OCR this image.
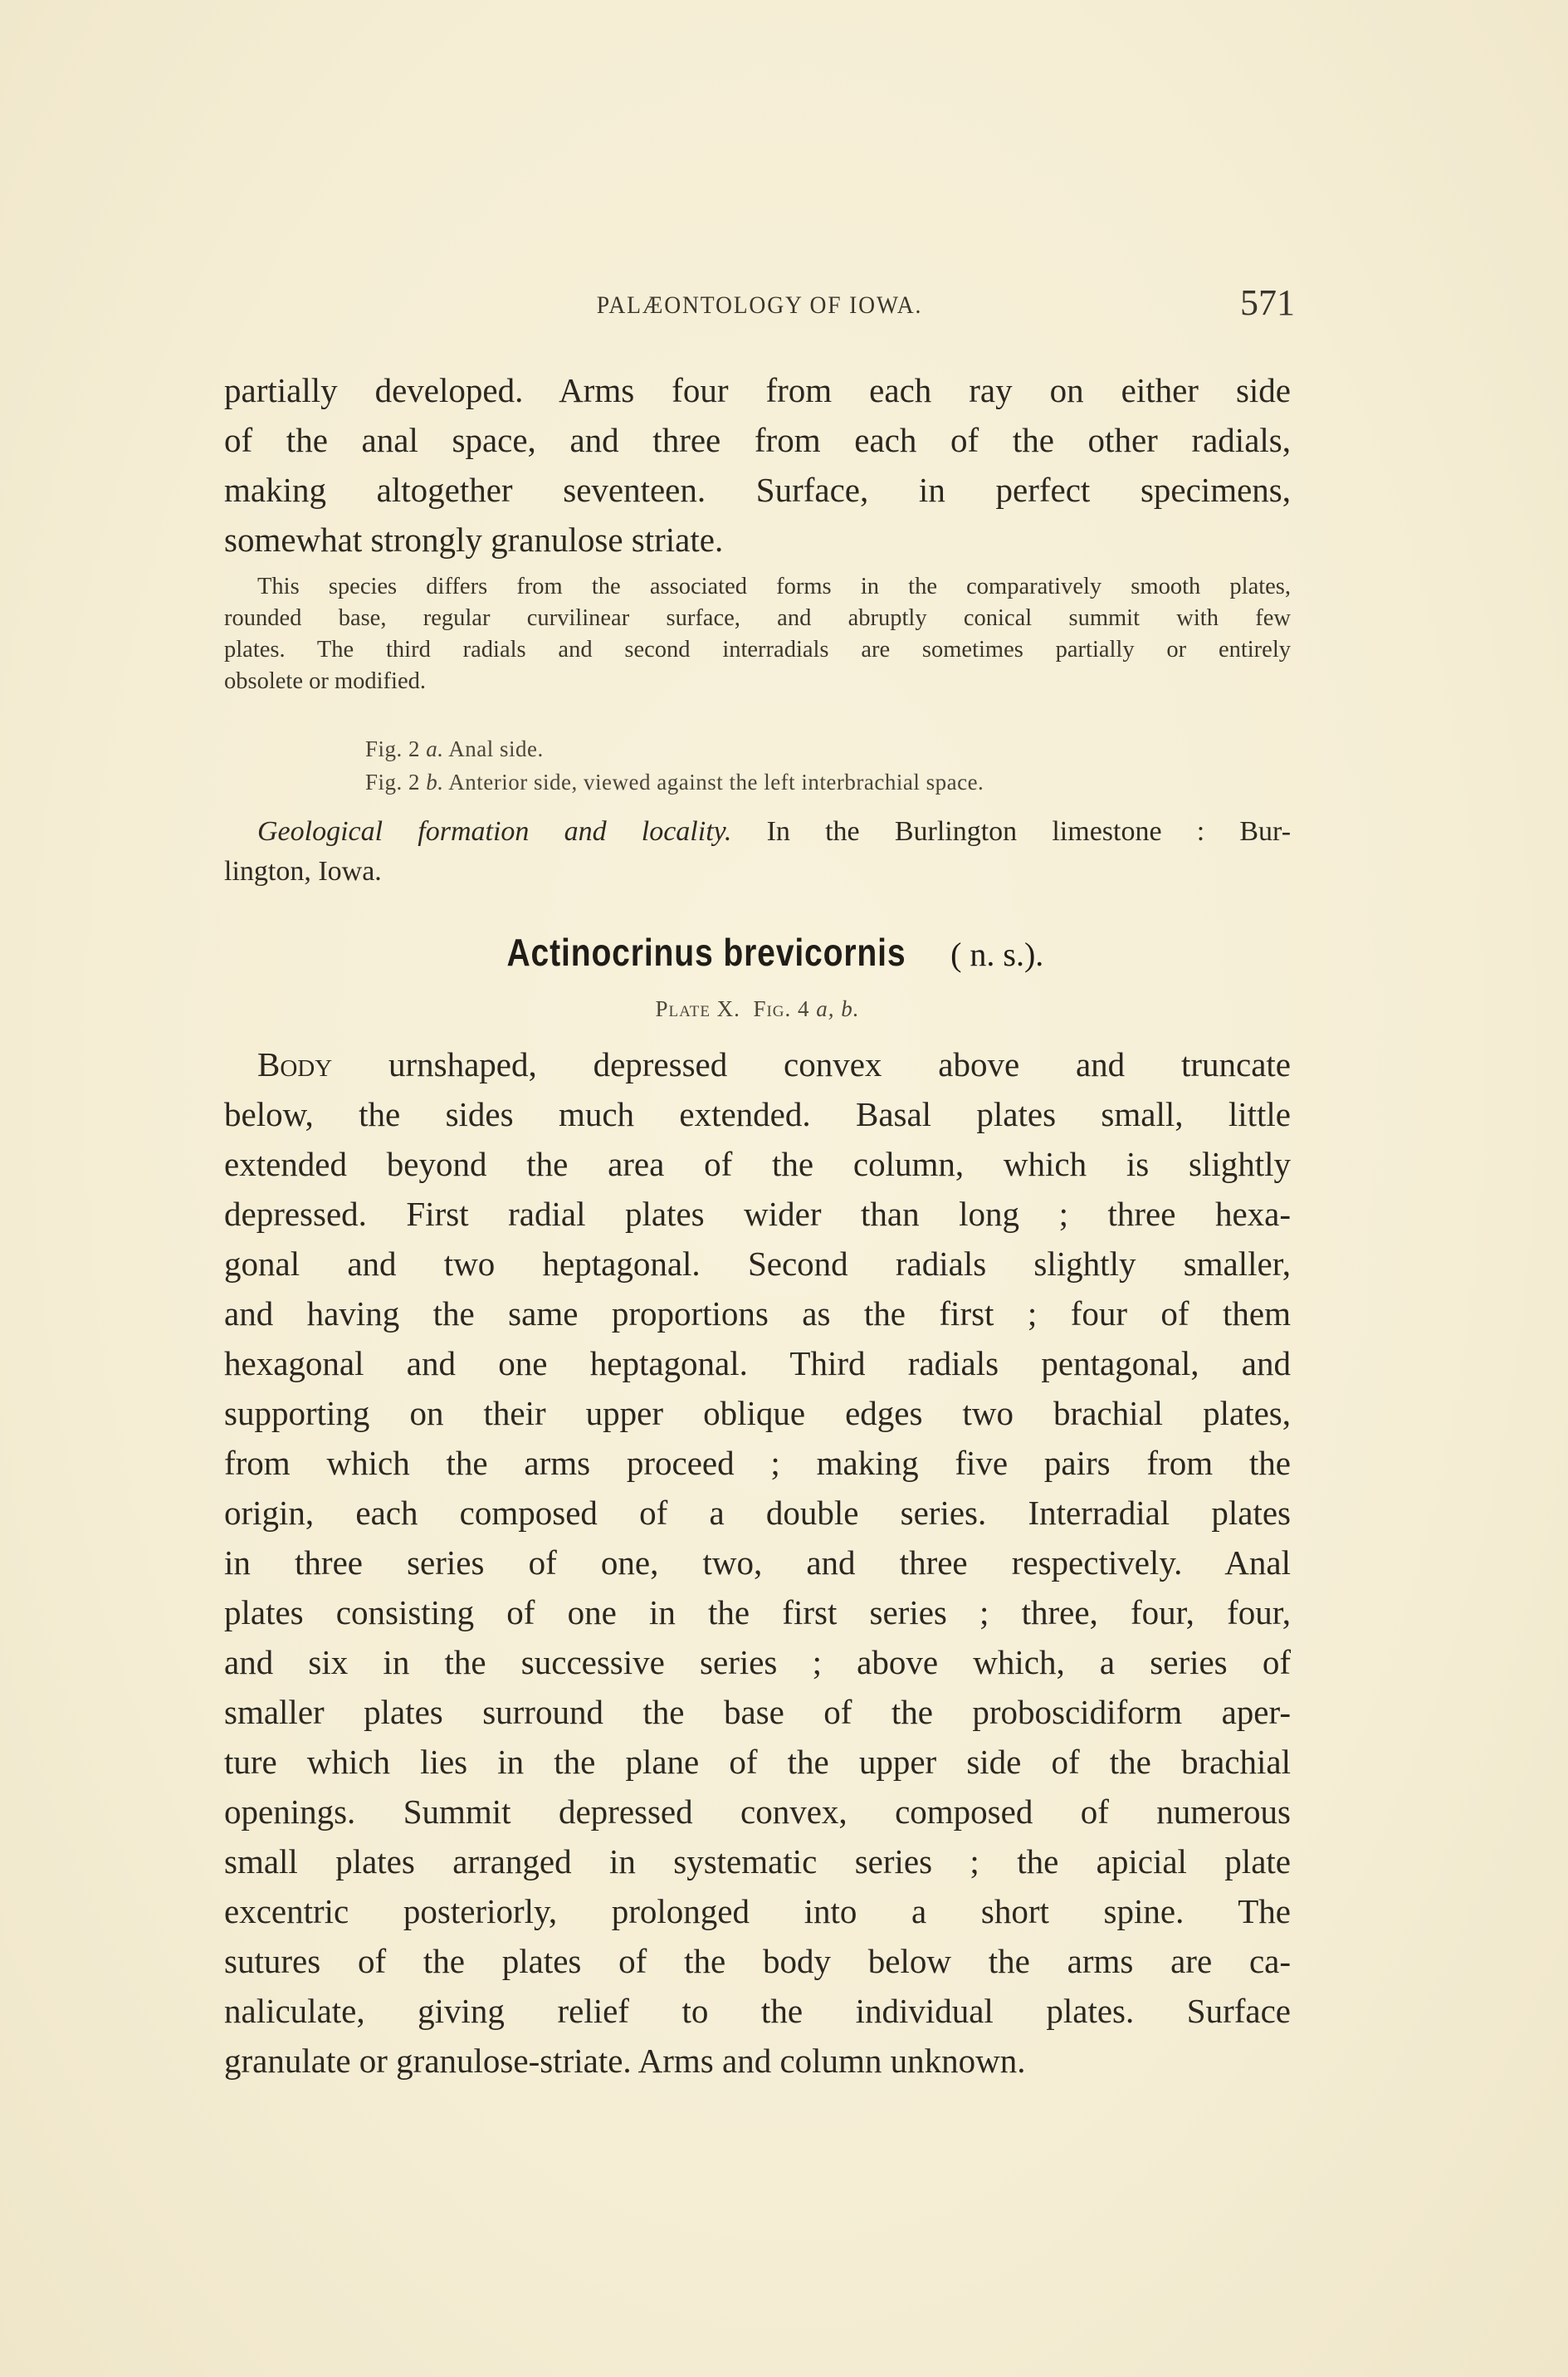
PALÆONTOLOGY OF IOWA.	571
partially developed. Arms four from each ray on either side
of the anal space, and three from each of the other radials,
making altogether seventeen. Surface, in perfect specimens,
somewhat strongly granulose striate.
This species differs from the associated forms in the comparatively smooth plates,
rounded base, regular curvilinear surface, and abruptly conical summit with few
plates. The third radials and second interradials are sometimes partially or entirely
obsolete or modified.
Fig. 2 a. Anal side.
Fig. 2 b. Anterior side, viewed against the left interbrachial space.
Geological formation and locality. In the Burlington limestone : Bur-
lington, Iowa.
Actinocrinus brevicornis ( n. s.).
Plate X. Fig. 4 a, b.
Body urnshaped, depressed convex above and truncate
below, the sides much extended. Basal plates small, little
extended beyond the area of the column, which is slightly
depressed. First radial plates wider than long ; three hexa-
gonal and two heptagonal. Second radials slightly smaller,
and having the same proportions as the first ; four of them
hexagonal and one heptagonal. Third radials pentagonal, and
supporting on their upper oblique edges two brachial plates,
from which the arms proceed ; making five pairs from the
origin, each composed of a double series. Interradial plates
in three series of one, two, and three respectively. Anal
plates consisting of one in the first series ; three, four, four,
and six in the successive series ; above which, a series of
smaller plates surround the base of the proboscidiform aper-
ture which lies in the plane of the upper side of the brachial
openings. Summit depressed convex, composed of numerous
small plates arranged in systematic series ; the apicial plate
excentric posteriorly, prolonged into a short spine. The
sutures of the plates of the body below the arms are ca-
naliculate, giving relief to the individual plates. Surface
granulate or granulose-striate. Arms and column unknown.
